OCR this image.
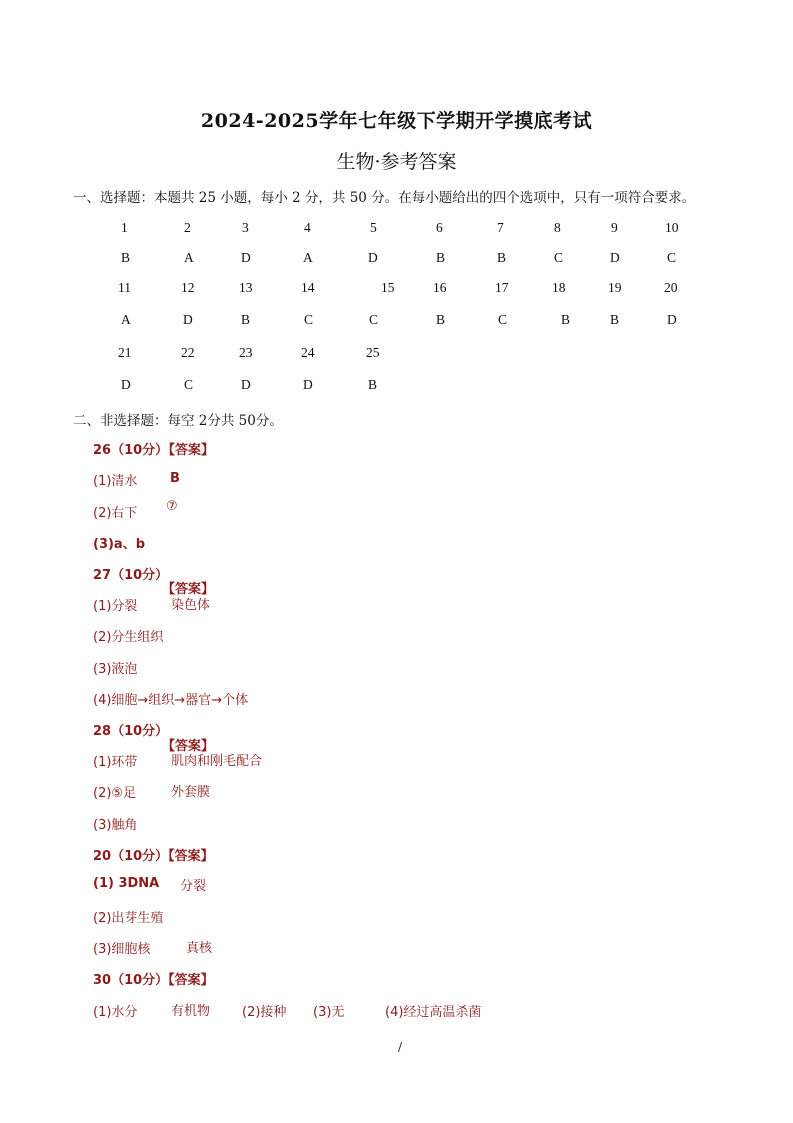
2024-2025学年七年级下学期开学摸底考试
生物·参考答案
一、选择题：本题共 25 小题，每小 2 分，共 50 分。在每小题给出的四个选项中，只有一项符合要求。
1	2	3	4	5	6	7	8	9	10
B	A	D	A	D	B	B	C	D	C
11	12	13	14	15	16	17	18	19	20
A	D	B	C	C	B	C	B	B	D
21	22	23	24	25
D	C	D	D	B
二、非选择题：每空 2分共 50分。
26（10分）
【答案】
(1)清水	B
(2)右下 ⑦
(3)a、b
27（10分）
【答案】
(1)分裂	染色体
(2)分生组织
(3)液泡
(4)细胞→组织→器官→个体
28（10分）
【答案】
(1)环带	肌肉和刚毛配合
(2)⑤足	外套膜
(3)触角
20（10分）【答案】
(1) 3DNA 分裂
(2)出芽生殖
(3)细胞核	真核
30（10分）【答案】
(1)水分	有机物 (2)接种 (3)无	(4)经过高温杀菌
/
